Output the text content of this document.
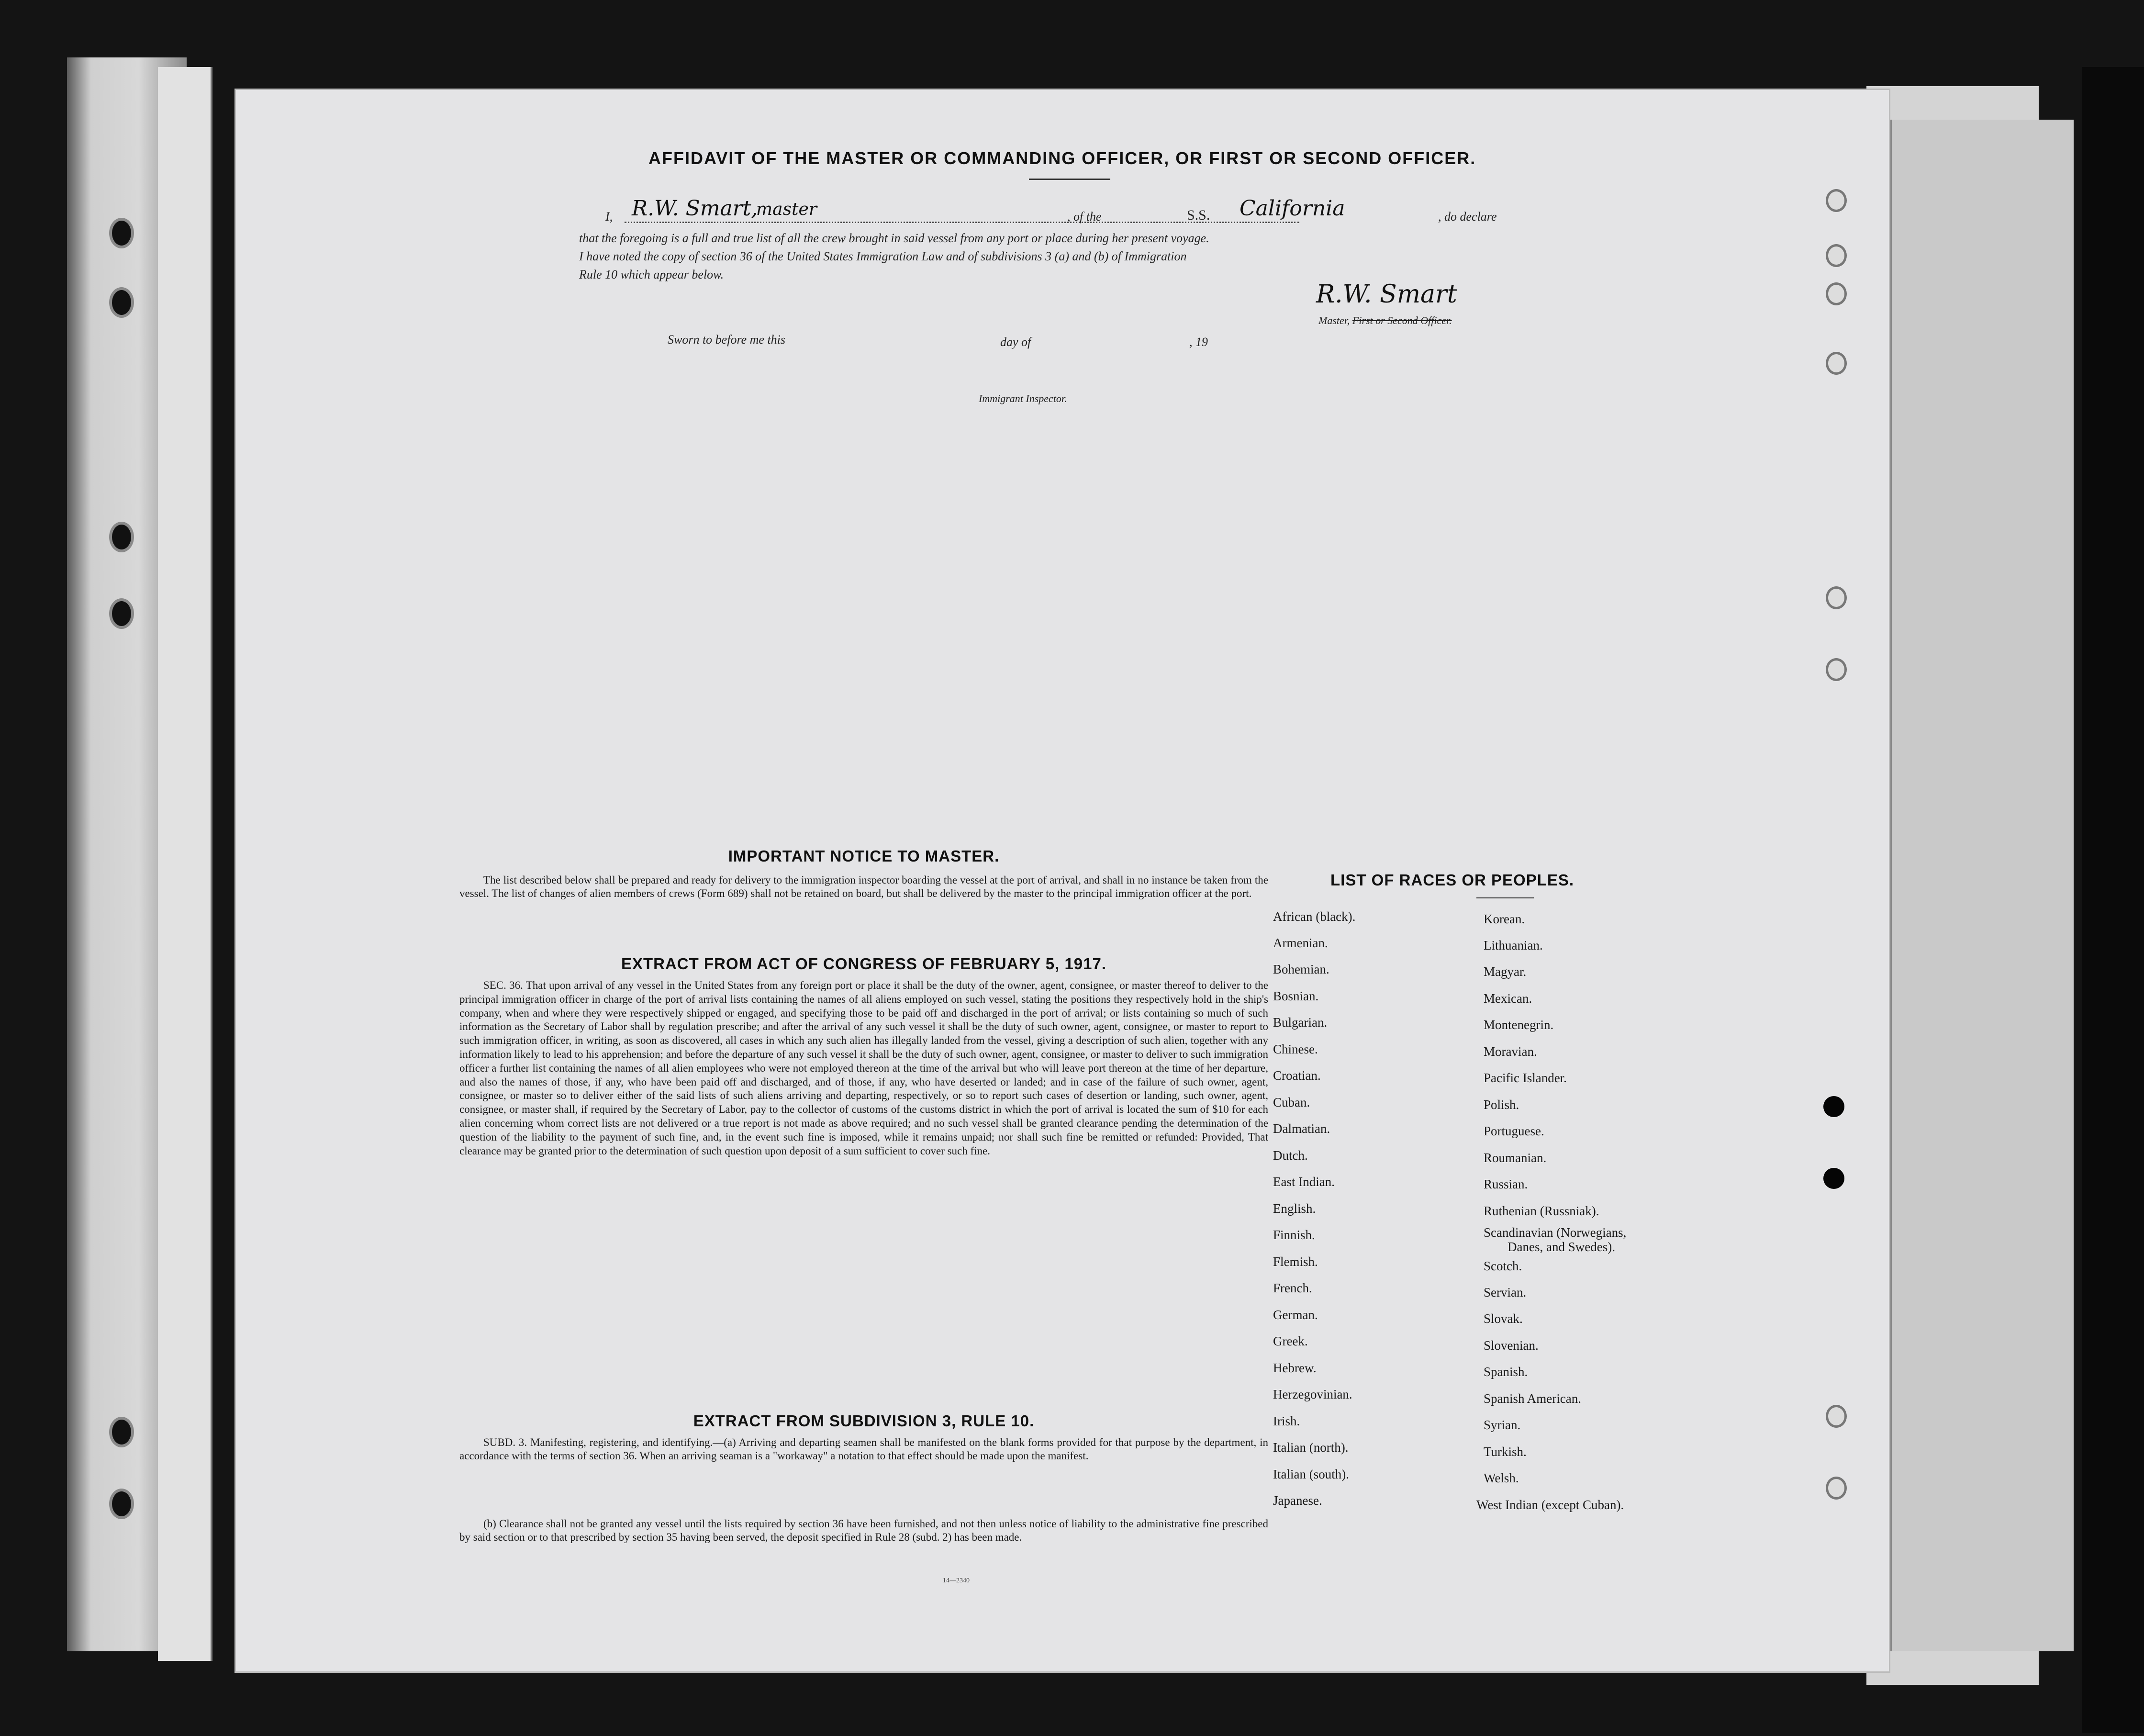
AFFIDAVIT OF THE MASTER OR COMMANDING OFFICER, OR FIRST OR SECOND OFFICER.
I, R.W. Smart,
master	, of the	S.S. California	, do declare
that the foregoing is a full and true list of all the crew brought in said vessel from any port or place during her present voyage.
I have noted the copy of section 36 of the United States Immigration Law and of subdivisions 3 (a) and (b) of Immigration
Rule 10 which appear below.
R.W. Smart
Master, First or Second Officer.
Sworn to before me this	day of	, 19
Immigrant Inspector.
IMPORTANT NOTICE TO MASTER.

The list described below shall be prepared and ready for delivery to the immigration inspector boarding the vessel at the port of arrival, and shall in no instance be taken from the vessel. The list of changes of alien members of crews (Form 689) shall not be retained on board, but shall be delivered by the master to the principal immigration officer at the port.

EXTRACT FROM ACT OF CONGRESS OF FEBRUARY 5, 1917.

SEC. 36. That upon arrival of any vessel in the United States from any foreign port or place it shall be the duty of the owner, agent, consignee, or master thereof to deliver to the principal immigration officer in charge of the port of arrival lists containing the names of all aliens employed on such vessel, stating the positions they respectively hold in the ship's company, when and where they were respectively shipped or engaged, and specifying those to be paid off and discharged in the port of arrival; or lists containing so much of such information as the Secretary of Labor shall by regulation prescribe; and after the arrival of any such vessel it shall be the duty of such owner, agent, consignee, or master to report to such immigration officer, in writing, as soon as discovered, all cases in which any such alien has illegally landed from the vessel, giving a description of such alien, together with any information likely to lead to his apprehension; and before the departure of any such vessel it shall be the duty of such owner, agent, consignee, or master to deliver to such immigration officer a further list containing the names of all alien employees who were not employed thereon at the time of the arrival but who will leave port thereon at the time of her departure, and also the names of those, if any, who have been paid off and discharged, and of those, if any, who have deserted or landed; and in case of the failure of such owner, agent, consignee, or master so to deliver either of the said lists of such aliens arriving and departing, respectively, or so to report such cases of desertion or landing, such owner, agent, consignee, or master shall, if required by the Secretary of Labor, pay to the collector of customs of the customs district in which the port of arrival is located the sum of $10 for each alien concerning whom correct lists are not delivered or a true report is not made as above required; and no such vessel shall be granted clearance pending the determination of the question of the liability to the payment of such fine, and, in the event such fine is imposed, while it remains unpaid; nor shall such fine be remitted or refunded: Provided, That clearance may be granted prior to the determination of such question upon deposit of a sum sufficient to cover such fine.

EXTRACT FROM SUBDIVISION 3, RULE 10.

SUBD. 3. Manifesting, registering, and identifying.—(a) Arriving and departing seamen shall be manifested on the blank forms provided for that purpose by the department, in accordance with the terms of section 36. When an arriving seaman is a "workaway" a notation to that effect should be made upon the manifest.

(b) Clearance shall not be granted any vessel until the lists required by section 36 have been furnished, and not then unless notice of liability to the administrative fine prescribed by said section or to that prescribed by section 35 having been served, the deposit specified in Rule 28 (subd. 2) has been made.

14—2340
LIST OF RACES OR PEOPLES.
African (black).
Armenian.
Bohemian.
Bosnian.
Bulgarian.
Chinese.
Croatian.
Cuban.
Dalmatian.
Dutch.
East Indian.
English.
Finnish.
Flemish.
French.
German.
Greek.
Hebrew.
Herzegovinian.
Irish.
Italian (north).
Italian (south).
Japanese.
Korean.
Lithuanian.
Magyar.
Mexican.
Montenegrin.
Moravian.
Pacific Islander.
Polish.
Portuguese.
Roumanian.
Russian.
Ruthenian (Russniak).
Scandinavian (Norwegians,
Danes, and Swedes).
Scotch.
Servian.
Slovak.
Slovenian.
Spanish.
Spanish American.
Syrian.
Turkish.
Welsh.
West Indian (except Cuban).
